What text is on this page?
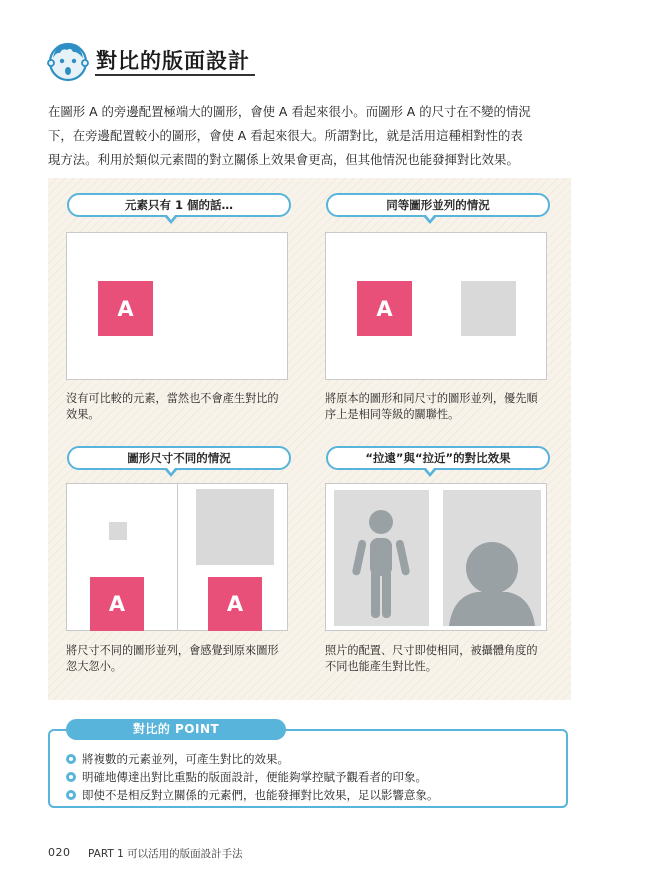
對比的版面設計

在圖形 A 的旁邊配置極端大的圖形，會使 A 看起來很小。而圖形 A 的尺寸在不變的情況

下，在旁邊配置較小的圖形，會使 A 看起來很大。所謂對比，就是活用這種相對性的表

現方法。利用於類似元素間的對立關係上效果會更高，但其他情況也能發揮對比效果。

元素只有 1 個的話…
A

沒有可比較的元素，當然也不會產生對比的

效果。

同等圖形並列的情況
A

將原本的圖形和同尺寸的圖形並列，優先順

序上是相同等級的關聯性。

圖形尺寸不同的情況
A	A

將尺寸不同的圖形並列，會感覺到原來圖形

忽大忽小。

“拉遠”與“拉近”的對比效果

照片的配置、尺寸即使相同，被攝體角度的

不同也能產生對比性。

對比的 POINT
將複數的元素並列，可產生對比的效果。
明確地傳達出對比重點的版面設計，便能夠掌控賦予觀看者的印象。
即使不是相反對立關係的元素們，也能發揮對比效果，足以影響意象。
020 PART 1 可以活用的版面設計手法
